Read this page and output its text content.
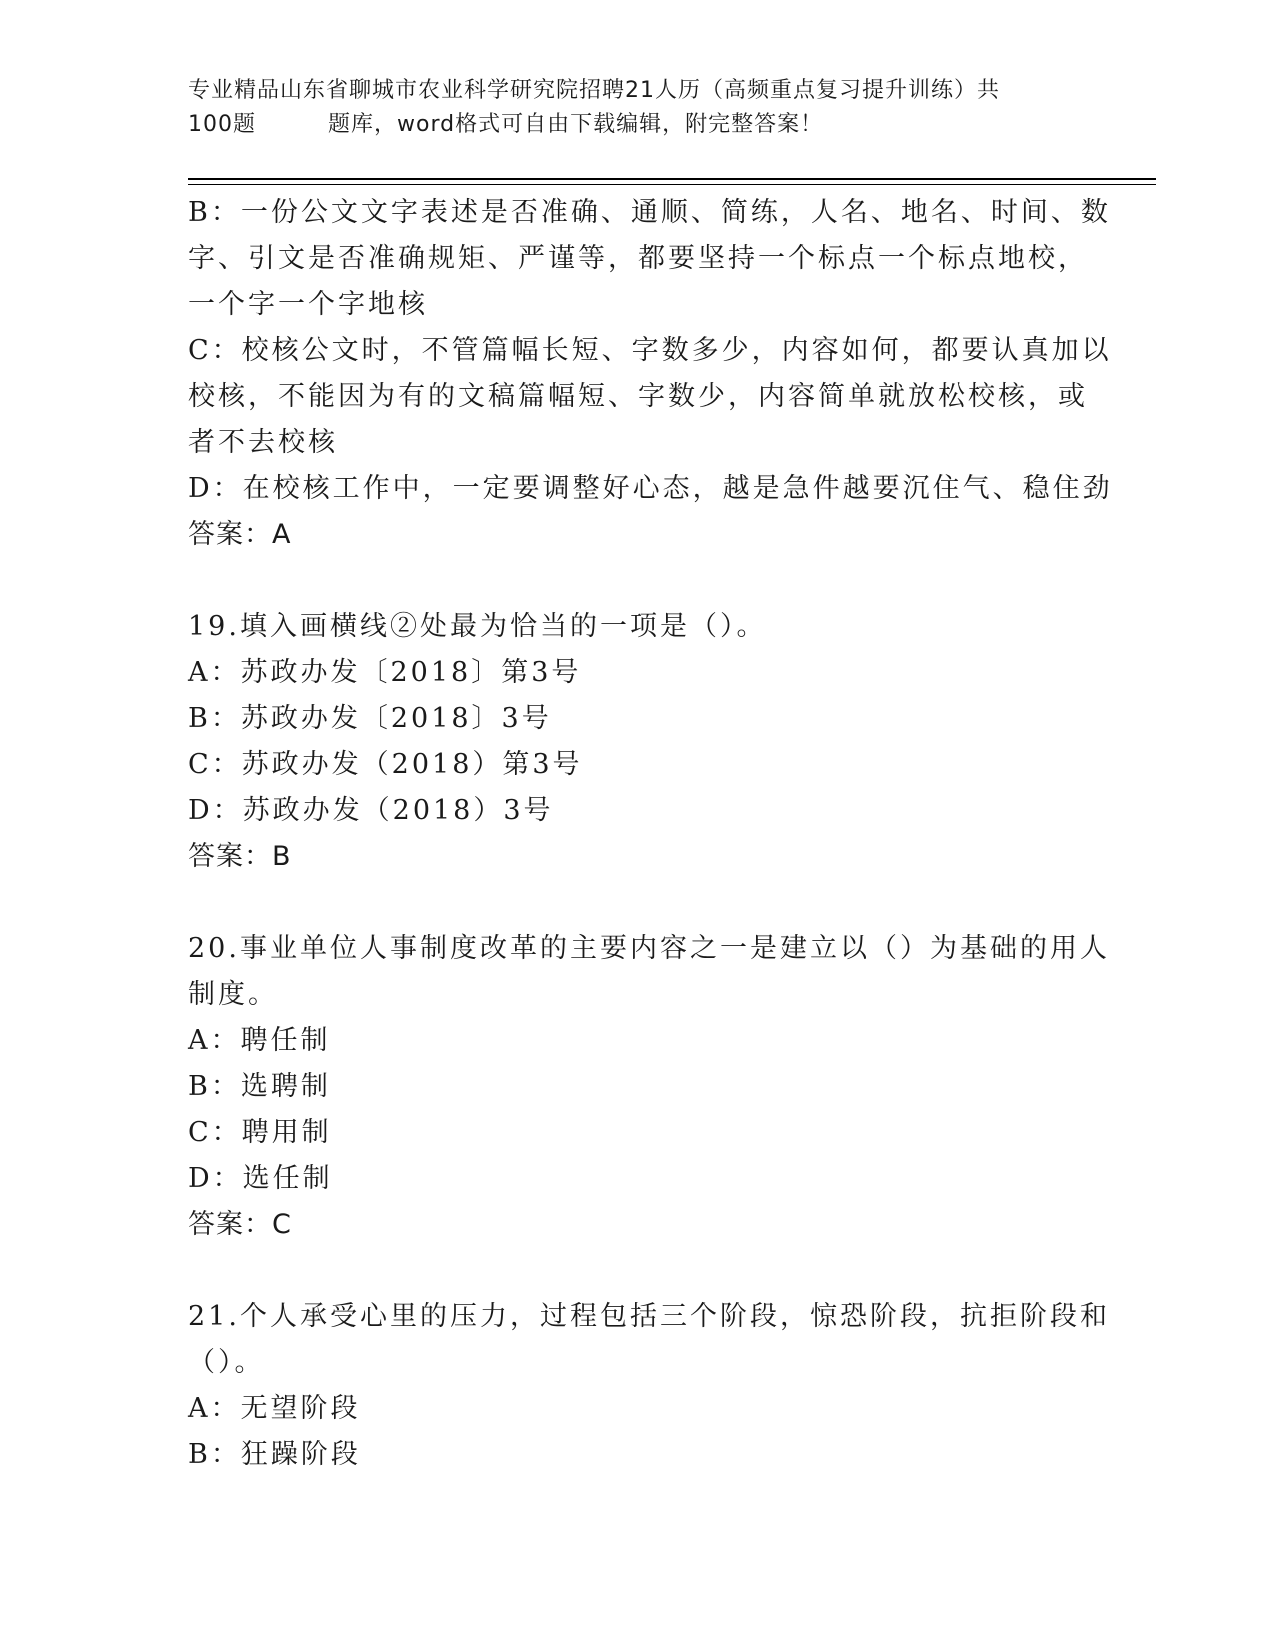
专业精品山东省聊城市农业科学研究院招聘21人历（高频重点复习提升训练）共
100题	题库，word格式可自由下载编辑，附完整答案！
B：一份公文文字表述是否准确、通顺、简练，人名、地名、时间、数
字、引文是否准确规矩、严谨等，都要坚持一个标点一个标点地校，
一个字一个字地核
C：校核公文时，不管篇幅长短、字数多少，内容如何，都要认真加以
校核，不能因为有的文稿篇幅短、字数少，内容简单就放松校核，或
者不去校核
D：在校核工作中，一定要调整好心态，越是急件越要沉住气、稳住劲
答案：A
19.填入画横线②处最为恰当的一项是（）。
A：苏政办发〔2018〕第3号
B：苏政办发〔2018〕3号
C：苏政办发（2018）第3号
D：苏政办发（2018）3号
答案：B
20.事业单位人事制度改革的主要内容之一是建立以（）为基础的用人
制度。
A：聘任制
B：选聘制
C：聘用制
D：选任制
答案：C
21.个人承受心里的压力，过程包括三个阶段，惊恐阶段，抗拒阶段和
（）。
A：无望阶段
B：狂躁阶段
